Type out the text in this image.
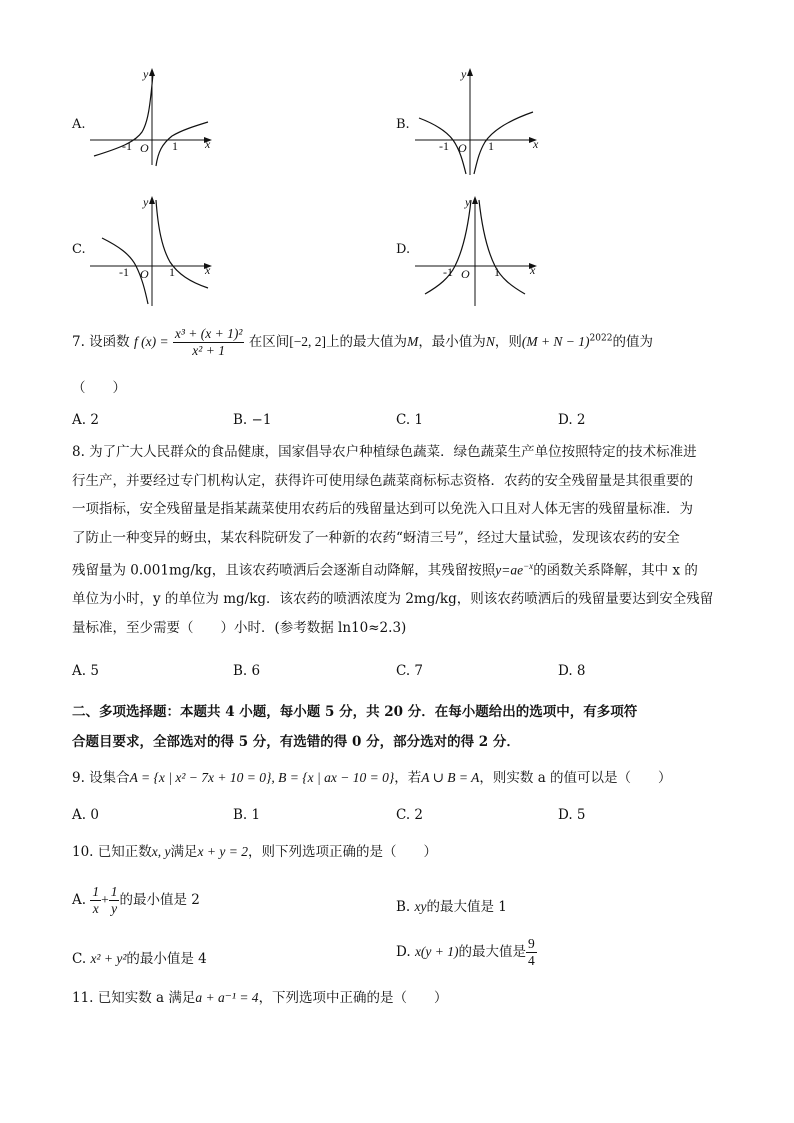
A.
x
y
O
-1	1
B.
x
y
O
-1	1
C.
x
y
O
-1	1
D.
x
y
O
-1	1
7. 设函数 f $(x) = \frac{\text{x³ + (x + 1)²}}{\text{x² + 1}}$ 在区间[−2, 2]上的最大值为M，最小值为N，则$(M + N - 1)^{2022}$的值为
（　　）
A. 2	B. −1	C. 1	D. 2
8. 为了广大人民群众的食品健康，国家倡导农户种植绿色蔬菜．绿色蔬菜生产单位按照特定的技术标准进
行生产，并要经过专门机构认定，获得许可使用绿色蔬菜商标标志资格．农药的安全残留量是其很重要的
一项指标，安全残留量是指某蔬菜使用农药后的残留量达到可以免洗入口且对人体无害的残留量标准．为
了防止一种变异的蚜虫，某农科院研发了一种新的农药“蚜清三号”，经过大量试验，发现该农药的安全
残留量为 0.001mg/kg，且该农药喷洒后会逐渐自动降解，其残留按照$y=ae^{-x}$的函数关系降解，其中 x 的
单位为小时，y 的单位为 mg/kg．该农药的喷洒浓度为 2mg/kg，则该农药喷洒后的残留量要达到安全残留
量标准，至少需要（　　）小时．(参考数据 ln10≈2.3)
A. 5	B. 6	C. 7	D. 8
二、多项选择题：本题共 4 小题，每小题 5 分，共 20 分．在每小题给出的选项中，有多项符
合题目要求，全部选对的得 5 分，有选错的得 0 分，部分选对的得 2 分．
9. 设集合A = {x | x² − 7x + 10 = 0}, B = {x | ax − 10 = 0}，若A ∪ B = A，则实数 a 的值可以是（　　）
A. 0	B. 1	C. 2	D. 5
10. 已知正数x, y满足x + y = 2，则下列选项正确的是（　　）
A. $\frac{1}{x} + \frac{1}{y}$ 的最小值是 2	B. xy的最大值是 1
C. x² + y²的最小值是 4	D. x(y + 1)的最大值是 $\frac{9}{4}$
11. 已知实数 a 满足a + a⁻¹ = 4，下列选项中正确的是（　　）
